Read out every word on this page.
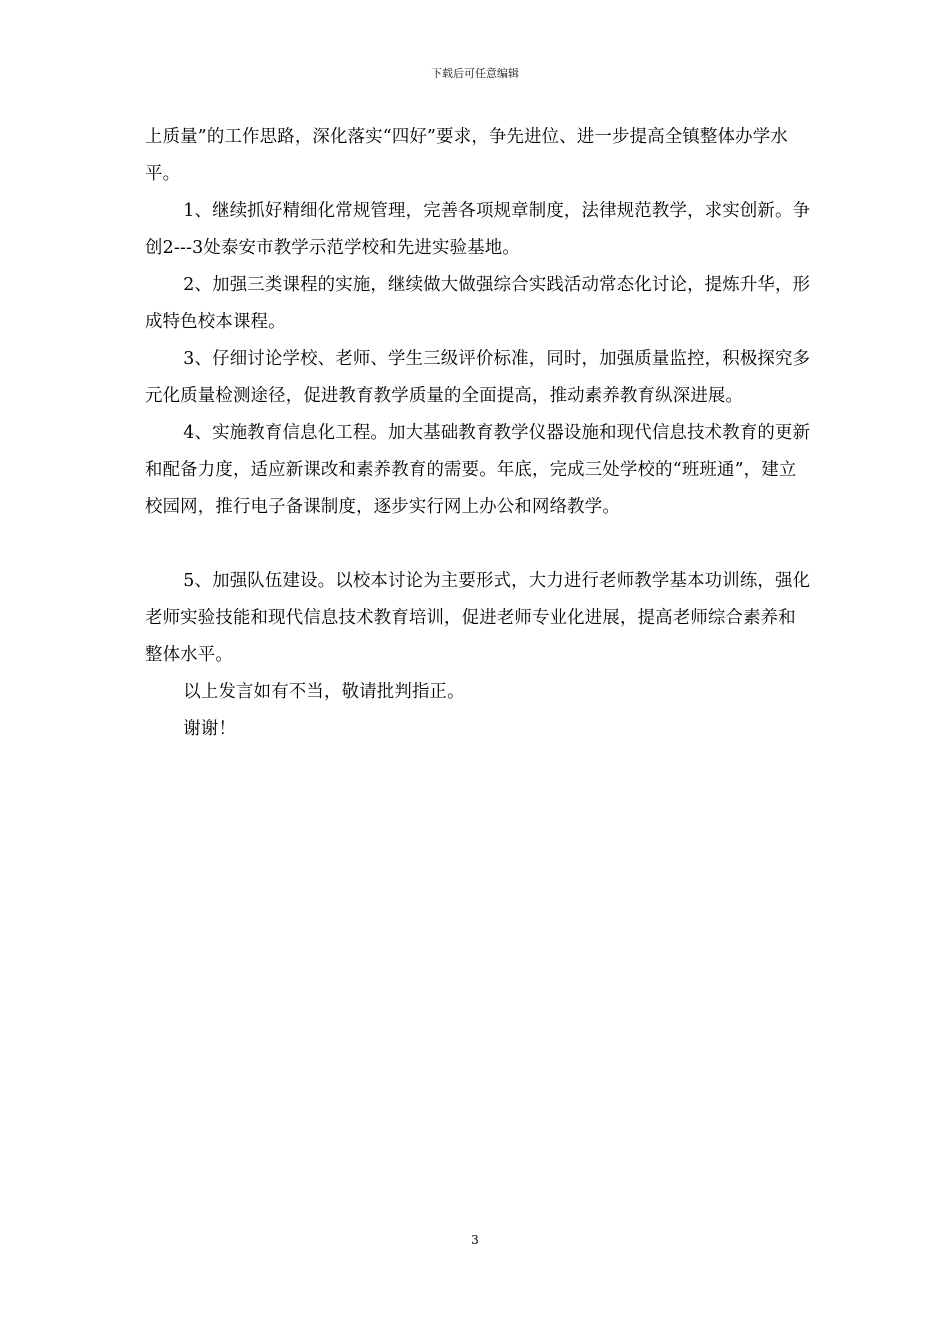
下载后可任意编辑

上质量”的工作思路，深化落实“四好”要求，争先进位、进一步提高全镇整体办学水平。

1、继续抓好精细化常规管理，完善各项规章制度，法律规范教学，求实创新。争创2---3处泰安市教学示范学校和先进实验基地。

2、加强三类课程的实施，继续做大做强综合实践活动常态化讨论，提炼升华，形成特色校本课程。

3、仔细讨论学校、老师、学生三级评价标准，同时，加强质量监控，积极探究多元化质量检测途径，促进教育教学质量的全面提高，推动素养教育纵深进展。

4、实施教育信息化工程。加大基础教育教学仪器设施和现代信息技术教育的更新和配备力度，适应新课改和素养教育的需要。年底，完成三处学校的“班班通”，建立校园网，推行电子备课制度，逐步实行网上办公和网络教学。

5、加强队伍建设。以校本讨论为主要形式，大力进行老师教学基本功训练，强化老师实验技能和现代信息技术教育培训，促进老师专业化进展，提高老师综合素养和整体水平。

以上发言如有不当，敬请批判指正。

谢谢！

3
